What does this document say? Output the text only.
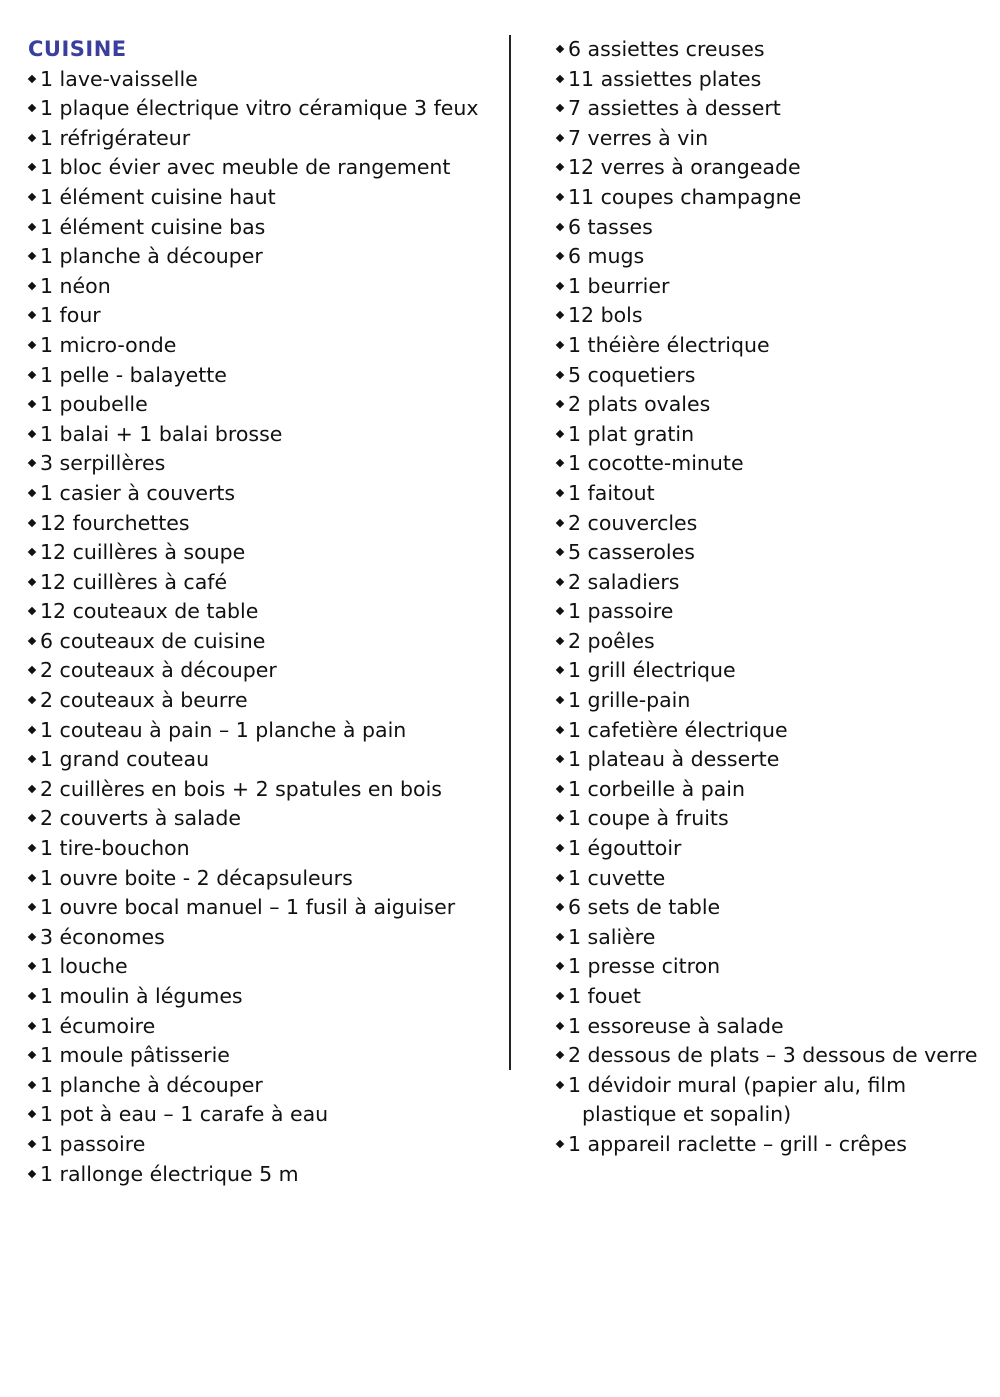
CUISINE
1 lave-vaisselle
1 plaque électrique vitro céramique 3 feux
1 réfrigérateur
1 bloc évier avec meuble de rangement
1 élément cuisine haut
1 élément cuisine bas
1 planche à découper
1 néon
1 four
1 micro-onde
1 pelle - balayette
1 poubelle
1 balai + 1 balai brosse
3 serpillères
1 casier à couverts
12 fourchettes
12 cuillères à soupe
12 cuillères à café
12 couteaux de table
6 couteaux de cuisine
2 couteaux à découper
2 couteaux à beurre
1 couteau à pain – 1 planche à pain
1 grand couteau
2 cuillères en bois + 2 spatules en bois
2 couverts à salade
1 tire-bouchon
1 ouvre boite - 2 décapsuleurs
1 ouvre bocal manuel – 1 fusil à aiguiser
3 économes
1 louche
1 moulin à légumes
1 écumoire
1 moule pâtisserie
1 planche à découper
1 pot à eau – 1 carafe à eau
1 passoire
1 rallonge électrique 5 m
6 assiettes creuses
11 assiettes plates
7 assiettes à dessert
7 verres à vin
12 verres à orangeade
11 coupes champagne
6 tasses
6 mugs
1 beurrier
12 bols
1 théière électrique
5 coquetiers
2 plats ovales
1 plat gratin
1 cocotte-minute
1 faitout
2 couvercles
5 casseroles
2 saladiers
1 passoire
2 poêles
1 grill électrique
1 grille-pain
1 cafetière électrique
1 plateau à desserte
1 corbeille à pain
1 coupe à fruits
1 égouttoir
1 cuvette
6 sets de table
1 salière
1 presse citron
1 fouet
1 essoreuse à salade
2 dessous de plats – 3 dessous de verre
1 dévidoir mural (papier alu, film plastique et sopalin)
1 appareil raclette – grill - crêpes
